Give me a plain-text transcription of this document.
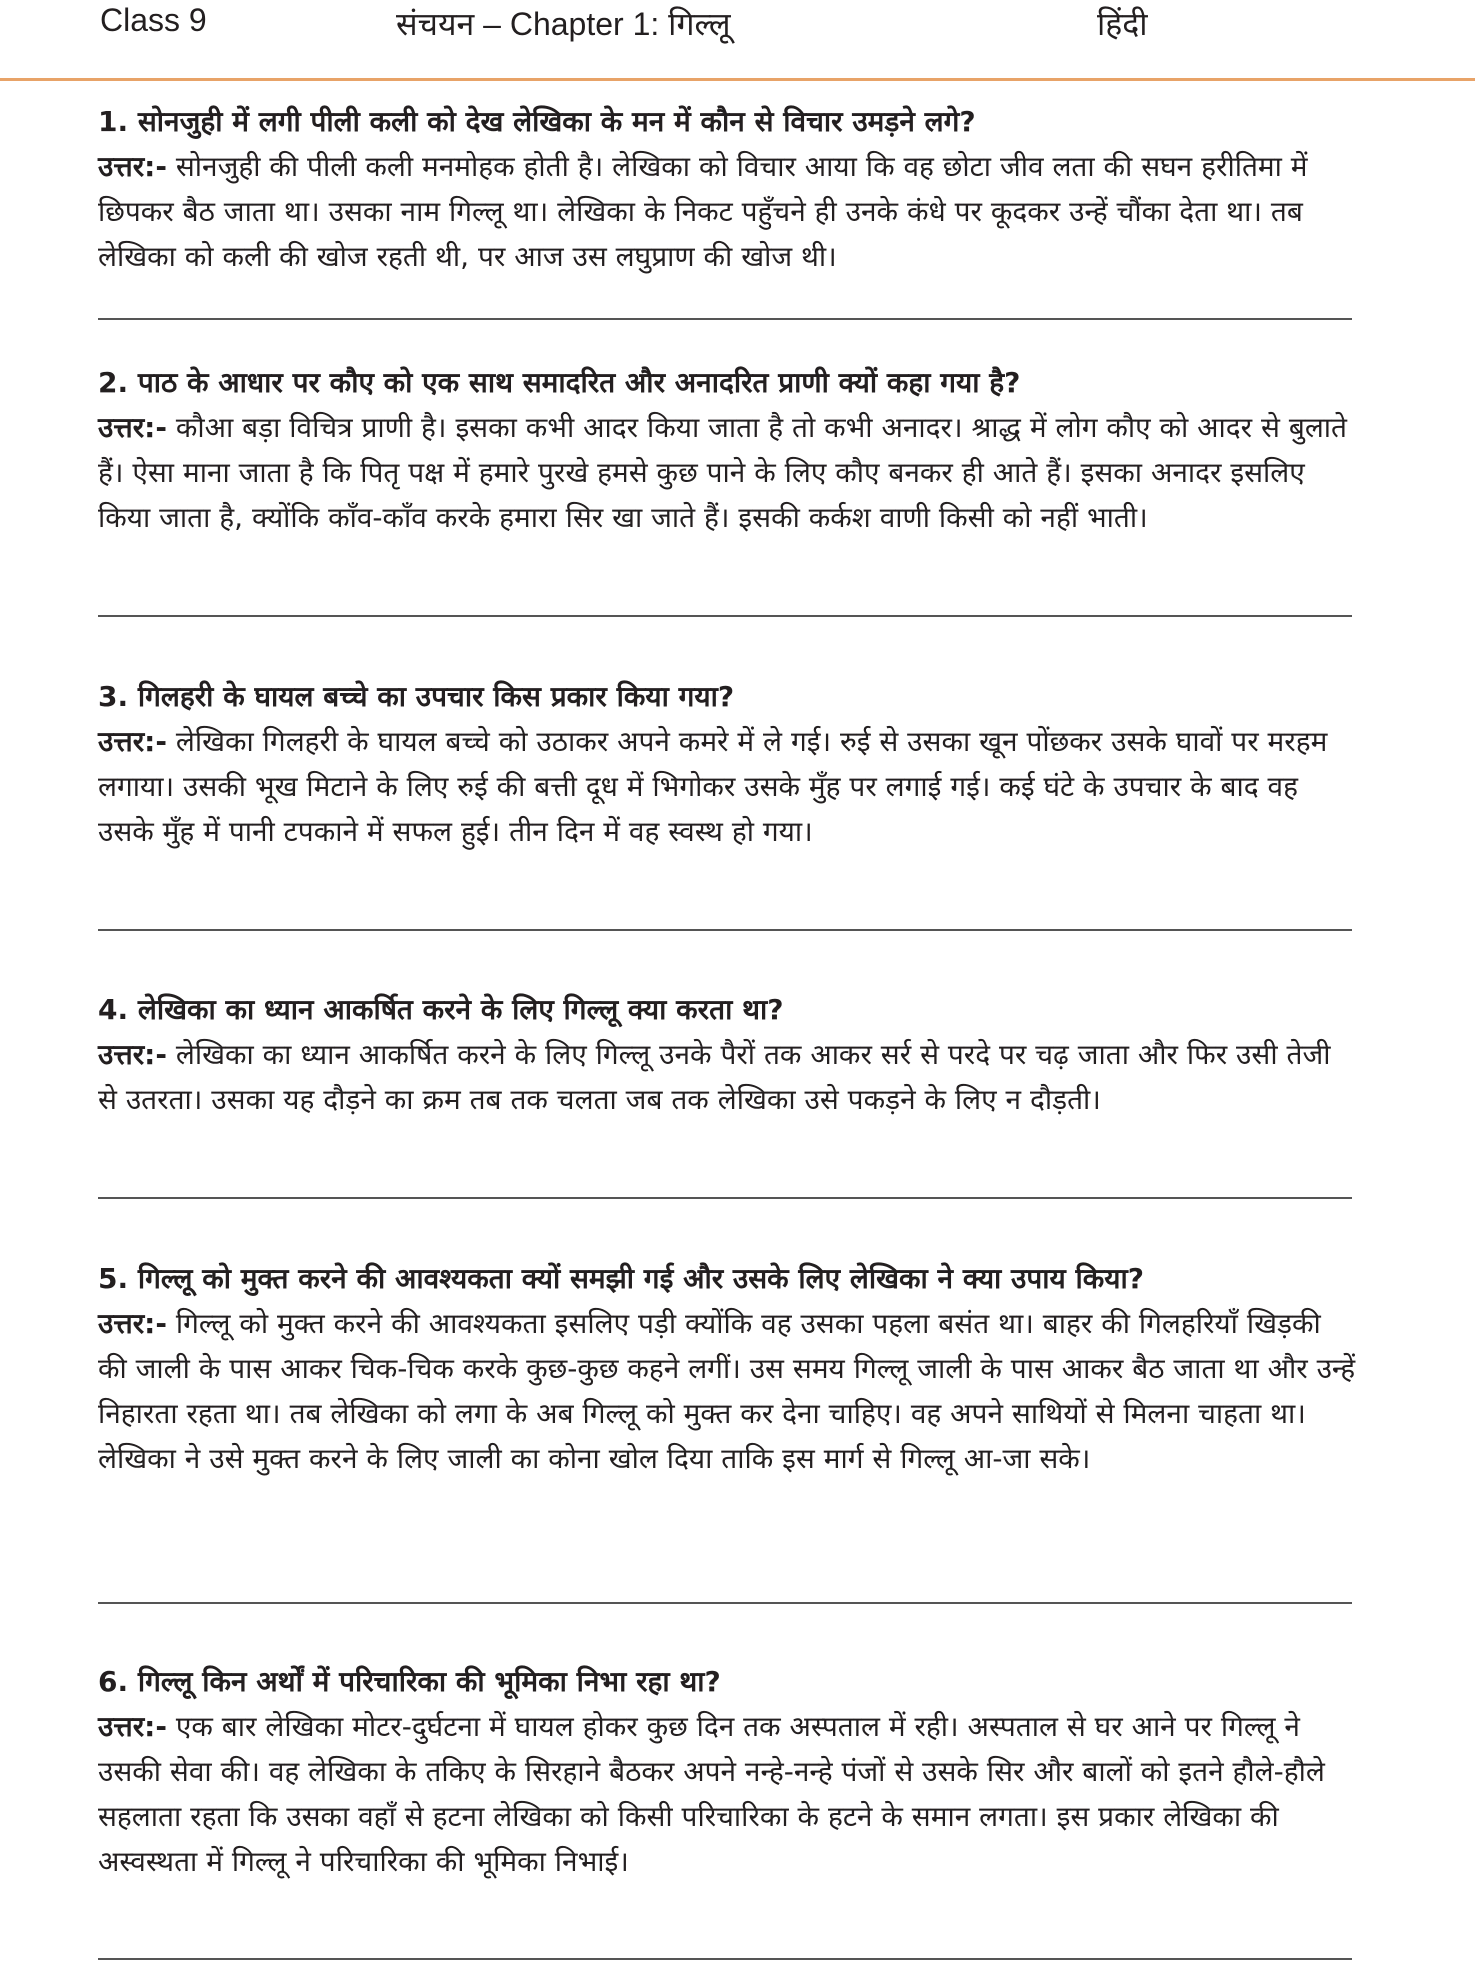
Class 9	संचयन – Chapter 1: गिल्लू	हिंदी
1. सोनजुही में लगी पीली कली को देख लेखिका के मन में कौन से विचार उमड़ने लगे?
उत्तर:- सोनजुही की पीली कली मनमोहक होती है। लेखिका को विचार आया कि वह छोटा जीव लता की सघन हरीतिमा में छिपकर बैठ जाता था। उसका नाम गिल्लू था। लेखिका के निकट पहुँचने ही उनके कंधे पर कूदकर उन्हें चौंका देता था। तब लेखिका को कली की खोज रहती थी, पर आज उस लघुप्राण की खोज थी।
2. पाठ के आधार पर कौए को एक साथ समादरित और अनादरित प्राणी क्यों कहा गया है?
उत्तर:- कौआ बड़ा विचित्र प्राणी है। इसका कभी आदर किया जाता है तो कभी अनादर। श्राद्ध में लोग कौए को आदर से बुलाते हैं। ऐसा माना जाता है कि पितृ पक्ष में हमारे पुरखे हमसे कुछ पाने के लिए कौए बनकर ही आते हैं। इसका अनादर इसलिए किया जाता है, क्योंकि काँव-काँव करके हमारा सिर खा जाते हैं। इसकी कर्कश वाणी किसी को नहीं भाती।
3. गिलहरी के घायल बच्चे का उपचार किस प्रकार किया गया?
उत्तर:- लेखिका गिलहरी के घायल बच्चे को उठाकर अपने कमरे में ले गई। रुई से उसका खून पोंछकर उसके घावों पर मरहम लगाया। उसकी भूख मिटाने के लिए रुई की बत्ती दूध में भिगोकर उसके मुँह पर लगाई गई। कई घंटे के उपचार के बाद वह उसके मुँह में पानी टपकाने में सफल हुई। तीन दिन में वह स्वस्थ हो गया।
4. लेखिका का ध्यान आकर्षित करने के लिए गिल्लू क्या करता था?
उत्तर:- लेखिका का ध्यान आकर्षित करने के लिए गिल्लू उनके पैरों तक आकर सर्र से परदे पर चढ़ जाता और फिर उसी तेजी से उतरता। उसका यह दौड़ने का क्रम तब तक चलता जब तक लेखिका उसे पकड़ने के लिए न दौड़ती।
5. गिल्लू को मुक्त करने की आवश्यकता क्यों समझी गई और उसके लिए लेखिका ने क्या उपाय किया?
उत्तर:- गिल्लू को मुक्त करने की आवश्यकता इसलिए पड़ी क्योंकि वह उसका पहला बसंत था। बाहर की गिलहरियाँ खिड़की की जाली के पास आकर चिक-चिक करके कुछ-कुछ कहने लगीं। उस समय गिल्लू जाली के पास आकर बैठ जाता था और उन्हें निहारता रहता था। तब लेखिका को लगा के अब गिल्लू को मुक्त कर देना चाहिए। वह अपने साथियों से मिलना चाहता था। लेखिका ने उसे मुक्त करने के लिए जाली का कोना खोल दिया ताकि इस मार्ग से गिल्लू आ-जा सके।
6. गिल्लू किन अर्थों में परिचारिका की भूमिका निभा रहा था?
उत्तर:- एक बार लेखिका मोटर-दुर्घटना में घायल होकर कुछ दिन तक अस्पताल में रही। अस्पताल से घर आने पर गिल्लू ने उसकी सेवा की। वह लेखिका के तकिए के सिरहाने बैठकर अपने नन्हे-नन्हे पंजों से उसके सिर और बालों को इतने हौले-हौले सहलाता रहता कि उसका वहाँ से हटना लेखिका को किसी परिचारिका के हटने के समान लगता। इस प्रकार लेखिका की अस्वस्थता में गिल्लू ने परिचारिका की भूमिका निभाई।
